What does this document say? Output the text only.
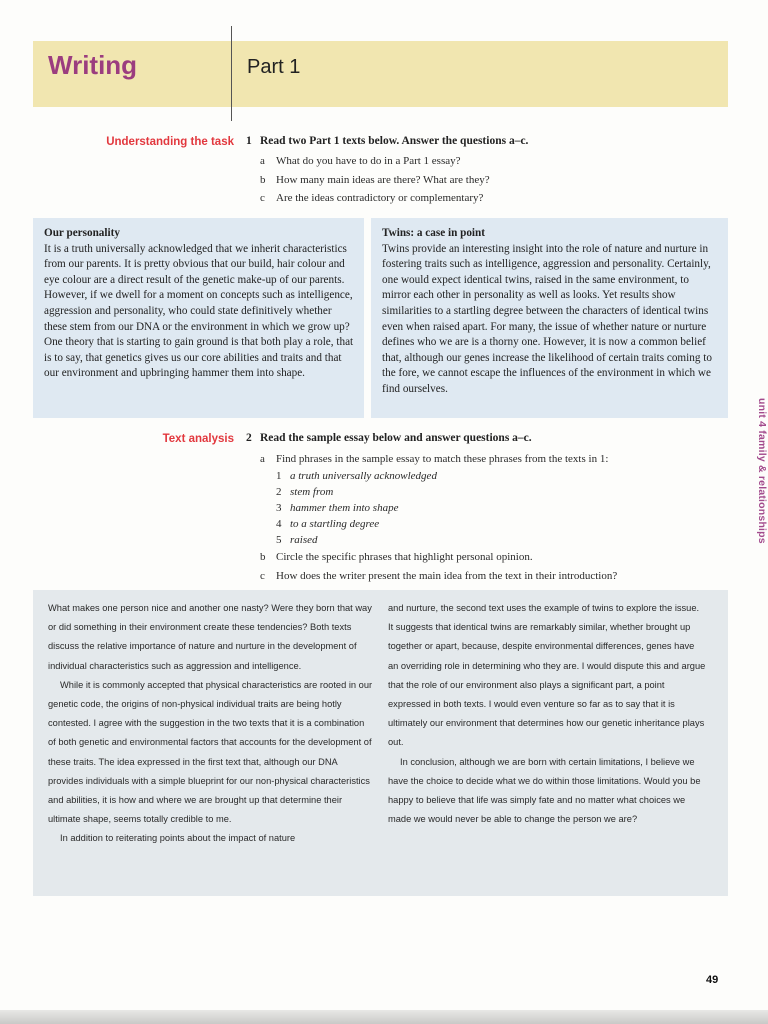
Writing	Part 1
Understanding the task 1 Read two Part 1 texts below. Answer the questions a–c.
a What do you have to do in a Part 1 essay?
b How many main ideas are there? What are they?
c Are the ideas contradictory or complementary?
Our personality

It is a truth universally acknowledged that we inherit characteristics from our parents. It is pretty obvious that our build, hair colour and eye colour are a direct result of the genetic make-up of our parents. However, if we dwell for a moment on concepts such as intelligence, aggression and personality, who could state definitively whether these stem from our DNA or the environment in which we grow up? One theory that is starting to gain ground is that both play a role, that is to say, that genetics gives us our core abilities and traits and that our environment and upbringing hammer them into shape.

Twins: a case in point

Twins provide an interesting insight into the role of nature and nurture in fostering traits such as intelligence, aggression and personality. Certainly, one would expect identical twins, raised in the same environment, to mirror each other in personality as well as looks. Yet results show similarities to a startling degree between the characters of identical twins even when raised apart. For many, the issue of whether nature or nurture defines who we are is a thorny one. However, it is now a common belief that, although our genes increase the likelihood of certain traits coming to the fore, we cannot escape the influences of the environment in which we find ourselves.

Text analysis 2 Read the sample essay below and answer questions a–c.
a Find phrases in the sample essay to match these phrases from the texts in 1:
1 a truth universally acknowledged
2 stem from
3 hammer them into shape
4 to a startling degree
5 raised
b Circle the specific phrases that highlight personal opinion.
c How does the writer present the main idea from the text in their introduction?

What makes one person nice and another one nasty? Were they born that way or did something in their environment create these tendencies? Both texts discuss the relative importance of nature and nurture in the development of individual characteristics such as aggression and intelligence.

While it is commonly accepted that physical characteristics are rooted in our genetic code, the origins of non-physical individual traits are being hotly contested. I agree with the suggestion in the two texts that it is a combination of both genetic and environmental factors that accounts for the development of these traits. The idea expressed in the first text that, although our DNA provides individuals with a simple blueprint for our non-physical characteristics and abilities, it is how and where we are brought up that determine their ultimate shape, seems totally credible to me.

In addition to reiterating points about the impact of nature

and nurture, the second text uses the example of twins to explore the issue. It suggests that identical twins are remarkably similar, whether brought up together or apart, because, despite environmental differences, genes have an overriding role in determining who they are. I would dispute this and argue that the role of our environment also plays a significant part, a point expressed in both texts. I would even venture so far as to say that it is ultimately our environment that determines how our genetic inheritance plays out.

In conclusion, although we are born with certain limitations, I believe we have the choice to decide what we do within those limitations. Would you be happy to believe that life was simply fate and no matter what choices we made we would never be able to change the person we are?

unit 4 family & relationships
49
